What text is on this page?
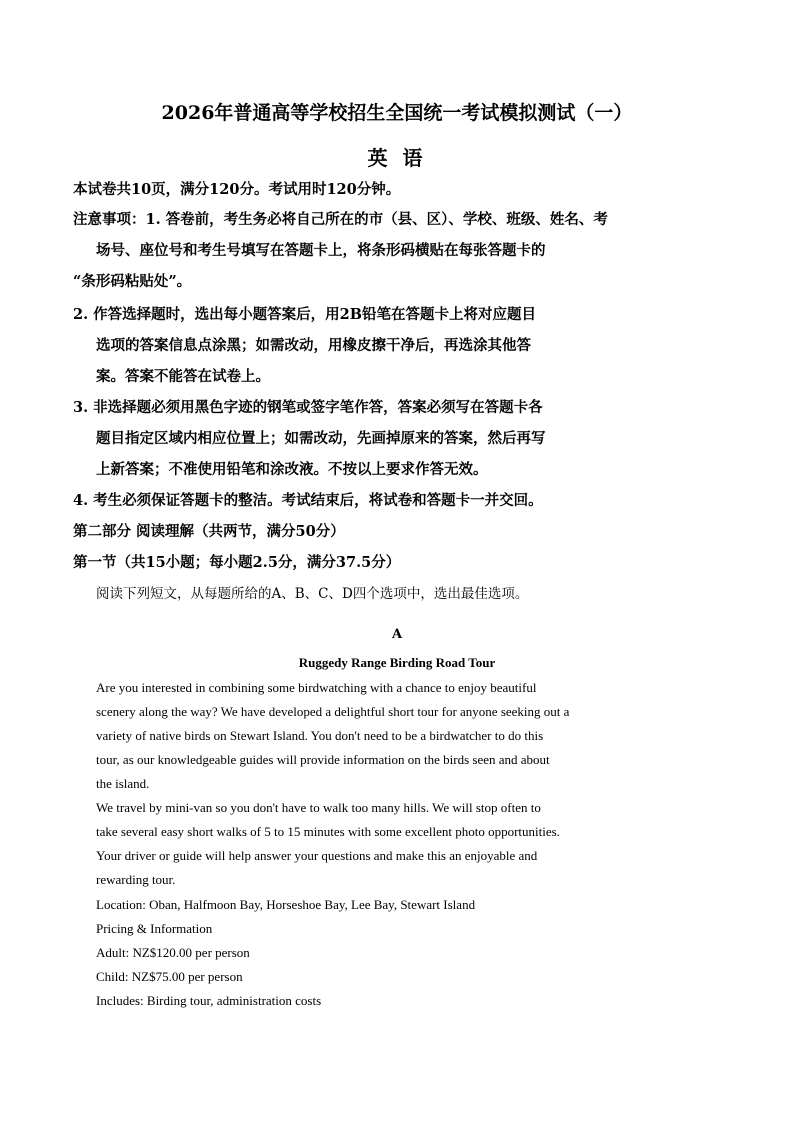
2026年普通高等学校招生全国统一考试模拟测试（一）
英 语
本试卷共10页，满分120分。考试用时120分钟。
注意事项：1. 答卷前，考生务必将自己所在的市（县、区）、学校、班级、姓名、考
场号、座位号和考生号填写在答题卡上，将条形码横贴在每张答题卡的
“条形码粘贴处”。
2. 作答选择题时，选出每小题答案后，用2B铅笔在答题卡上将对应题目
选项的答案信息点涂黑；如需改动，用橡皮擦干净后，再选涂其他答
案。答案不能答在试卷上。
3. 非选择题必须用黑色字迹的钢笔或签字笔作答，答案必须写在答题卡各
题目指定区域内相应位置上；如需改动，先画掉原来的答案，然后再写
上新答案；不准使用铅笔和涂改液。不按以上要求作答无效。
4. 考生必须保证答题卡的整洁。考试结束后，将试卷和答题卡一并交回。
第二部分 阅读理解（共两节，满分50分）
第一节（共15小题；每小题2.5分，满分37.5分）
阅读下列短文，从每题所给的A、B、C、D四个选项中，选出最佳选项。
A
Ruggedy Range Birding Road Tour
Are you interested in combining some birdwatching with a chance to enjoy beautiful
scenery along the way? We have developed a delightful short tour for anyone seeking out a
variety of native birds on Stewart Island. You don't need to be a birdwatcher to do this
tour, as our knowledgeable guides will provide information on the birds seen and about
the island.
We travel by mini-van so you don't have to walk too many hills. We will stop often to
take several easy short walks of 5 to 15 minutes with some excellent photo opportunities.
Your driver or guide will help answer your questions and make this an enjoyable and
rewarding tour.
Location: Oban, Halfmoon Bay, Horseshoe Bay, Lee Bay, Stewart Island
Pricing & Information
Adult: NZ$120.00 per person
Child: NZ$75.00 per person
Includes: Birding tour, administration costs
